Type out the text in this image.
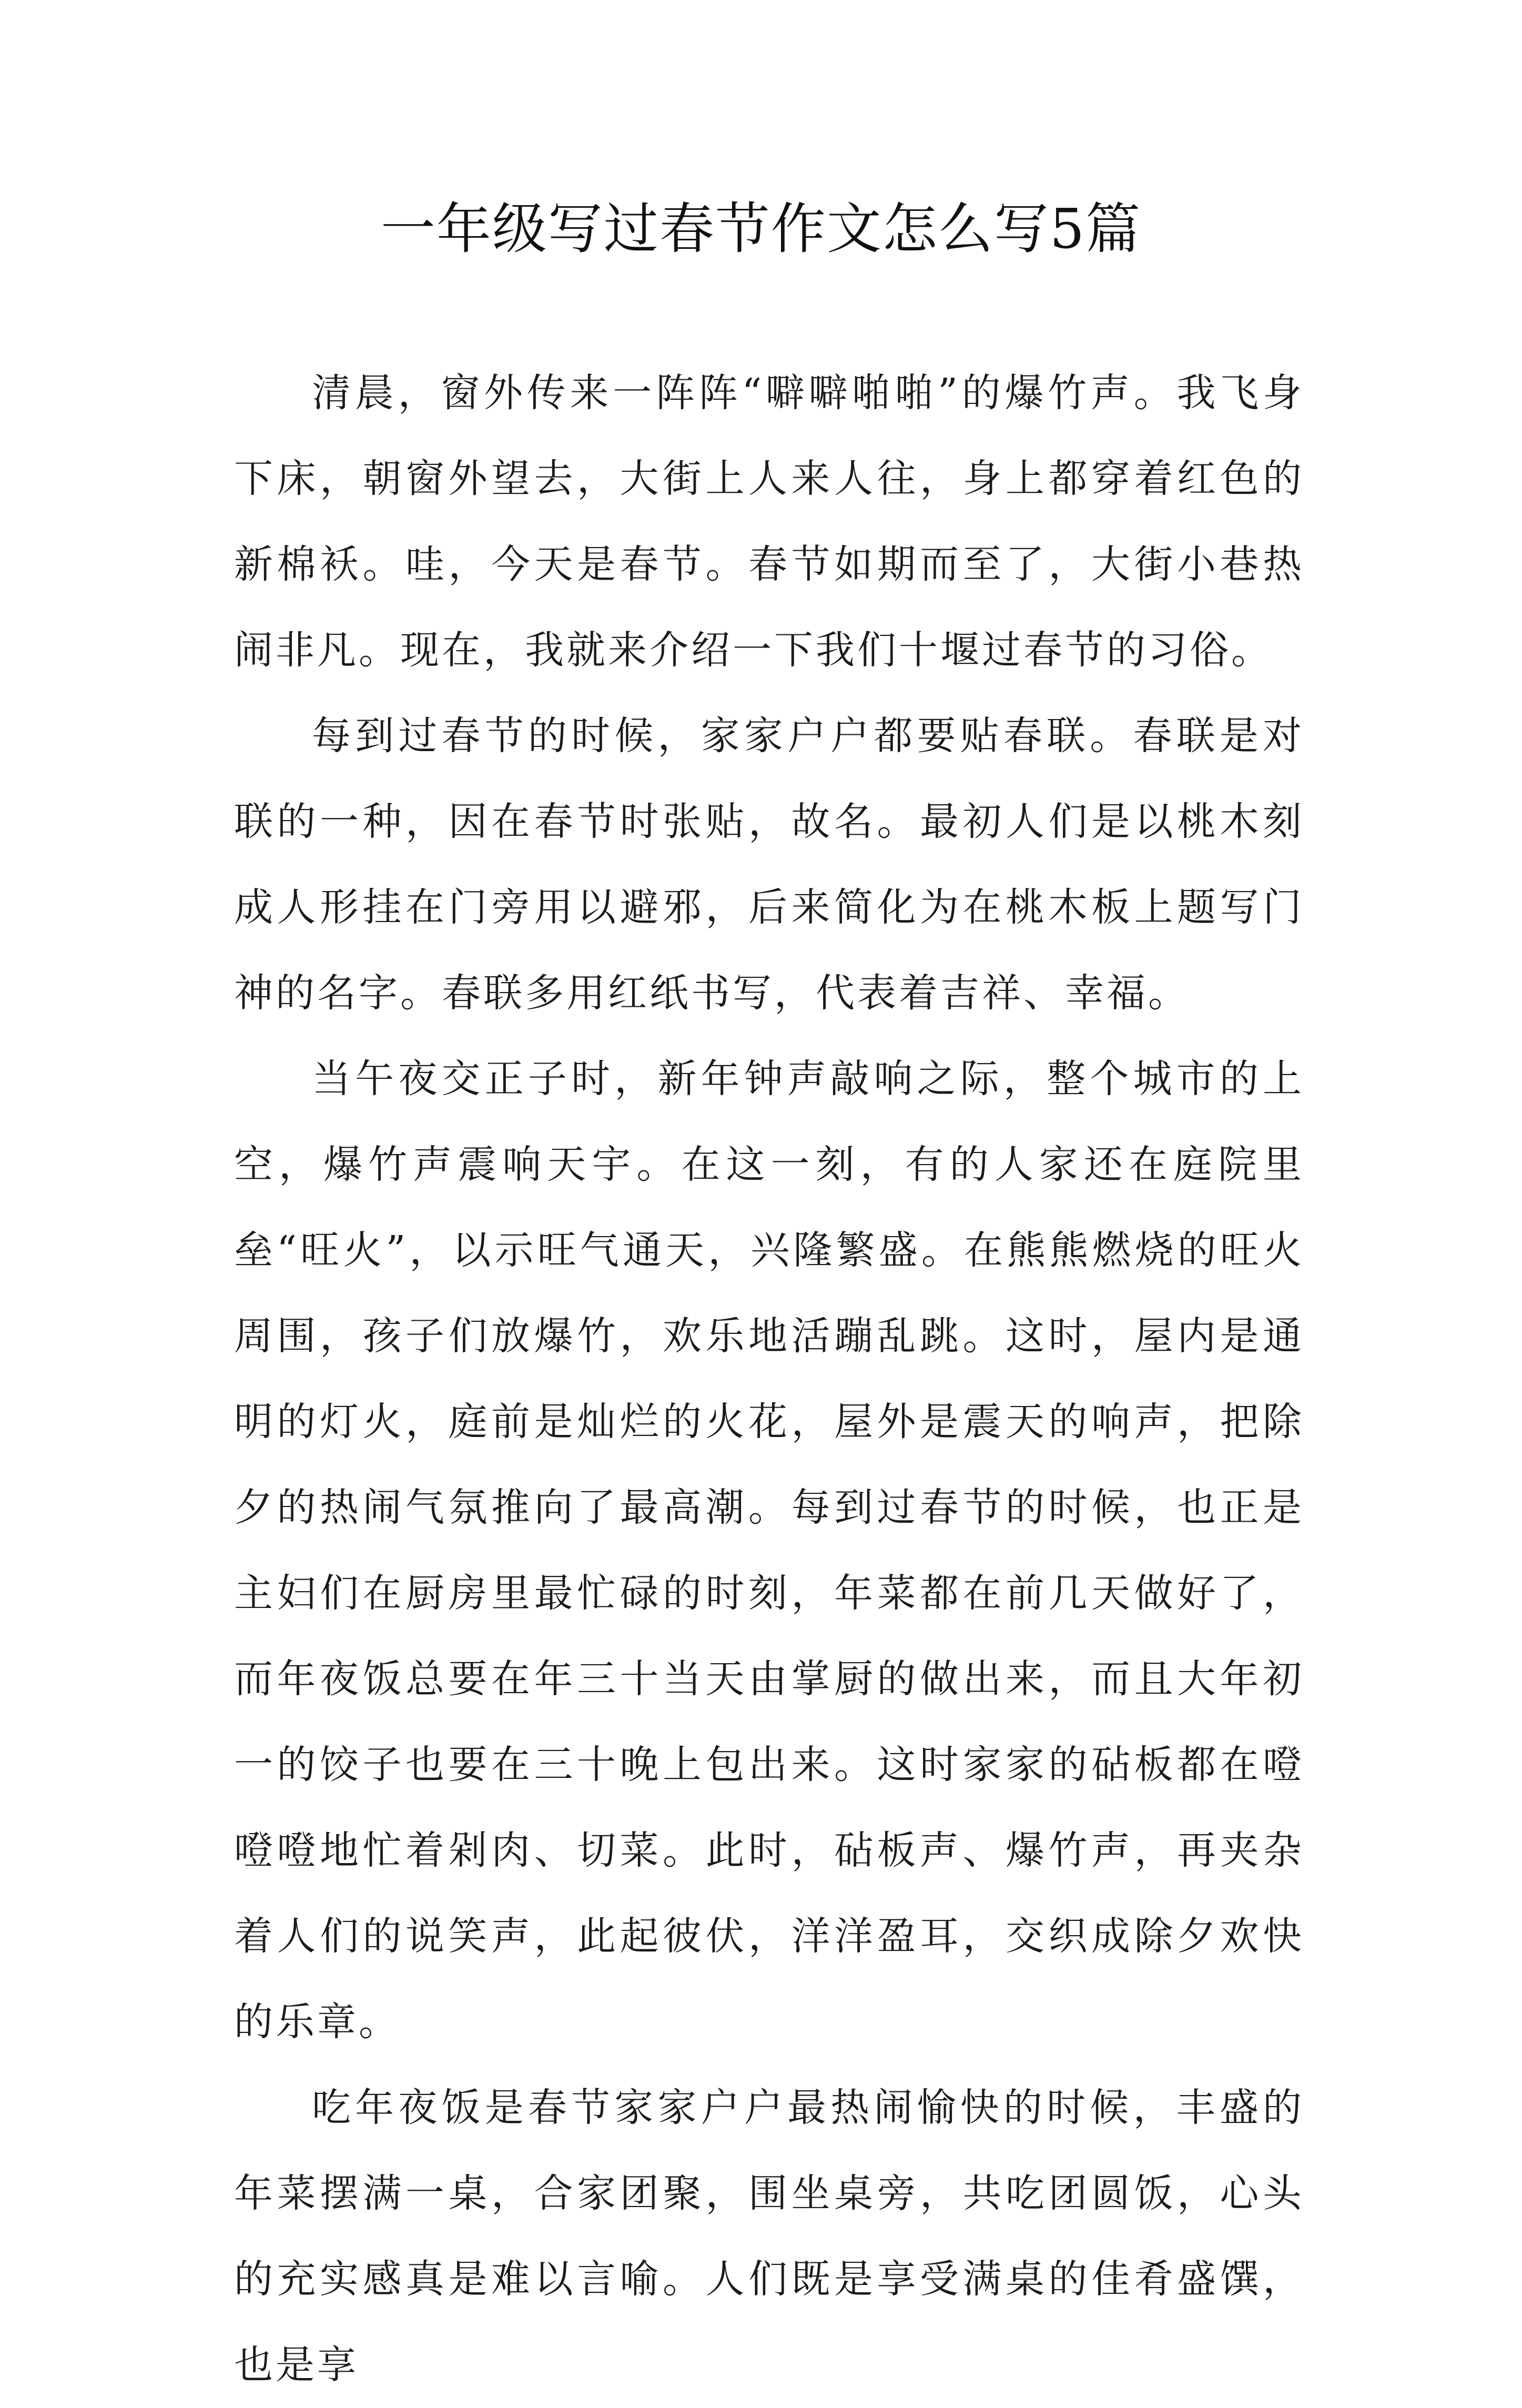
一年级写过春节作文怎么写5篇

清晨，窗外传来一阵阵“噼噼啪啪”的爆竹声。我飞身下床，朝窗外望去，大街上人来人往，身上都穿着红色的新棉袄。哇，今天是春节。春节如期而至了，大街小巷热闹非凡。现在，我就来介绍一下我们十堰过春节的习俗。

每到过春节的时候，家家户户都要贴春联。春联是对联的一种，因在春节时张贴，故名。最初人们是以桃木刻成人形挂在门旁用以避邪，后来简化为在桃木板上题写门神的名字。春联多用红纸书写，代表着吉祥、幸福。

当午夜交正子时，新年钟声敲响之际，整个城市的上空，爆竹声震响天宇。在这一刻，有的人家还在庭院里垒“旺火”，以示旺气通天，兴隆繁盛。在熊熊燃烧的旺火周围，孩子们放爆竹，欢乐地活蹦乱跳。这时，屋内是通明的灯火，庭前是灿烂的火花，屋外是震天的响声，把除夕的热闹气氛推向了最高潮。每到过春节的时候，也正是主妇们在厨房里最忙碌的时刻，年菜都在前几天做好了，而年夜饭总要在年三十当天由掌厨的做出来，而且大年初一的饺子也要在三十晚上包出来。这时家家的砧板都在噔噔噔地忙着剁肉、切菜。此时，砧板声、爆竹声，再夹杂着人们的说笑声，此起彼伏，洋洋盈耳，交织成除夕欢快的乐章。

吃年夜饭是春节家家户户最热闹愉快的时候，丰盛的年菜摆满一桌，合家团聚，围坐桌旁，共吃团圆饭，心头的充实感真是难以言喻。人们既是享受满桌的佳肴盛馔，也是享
